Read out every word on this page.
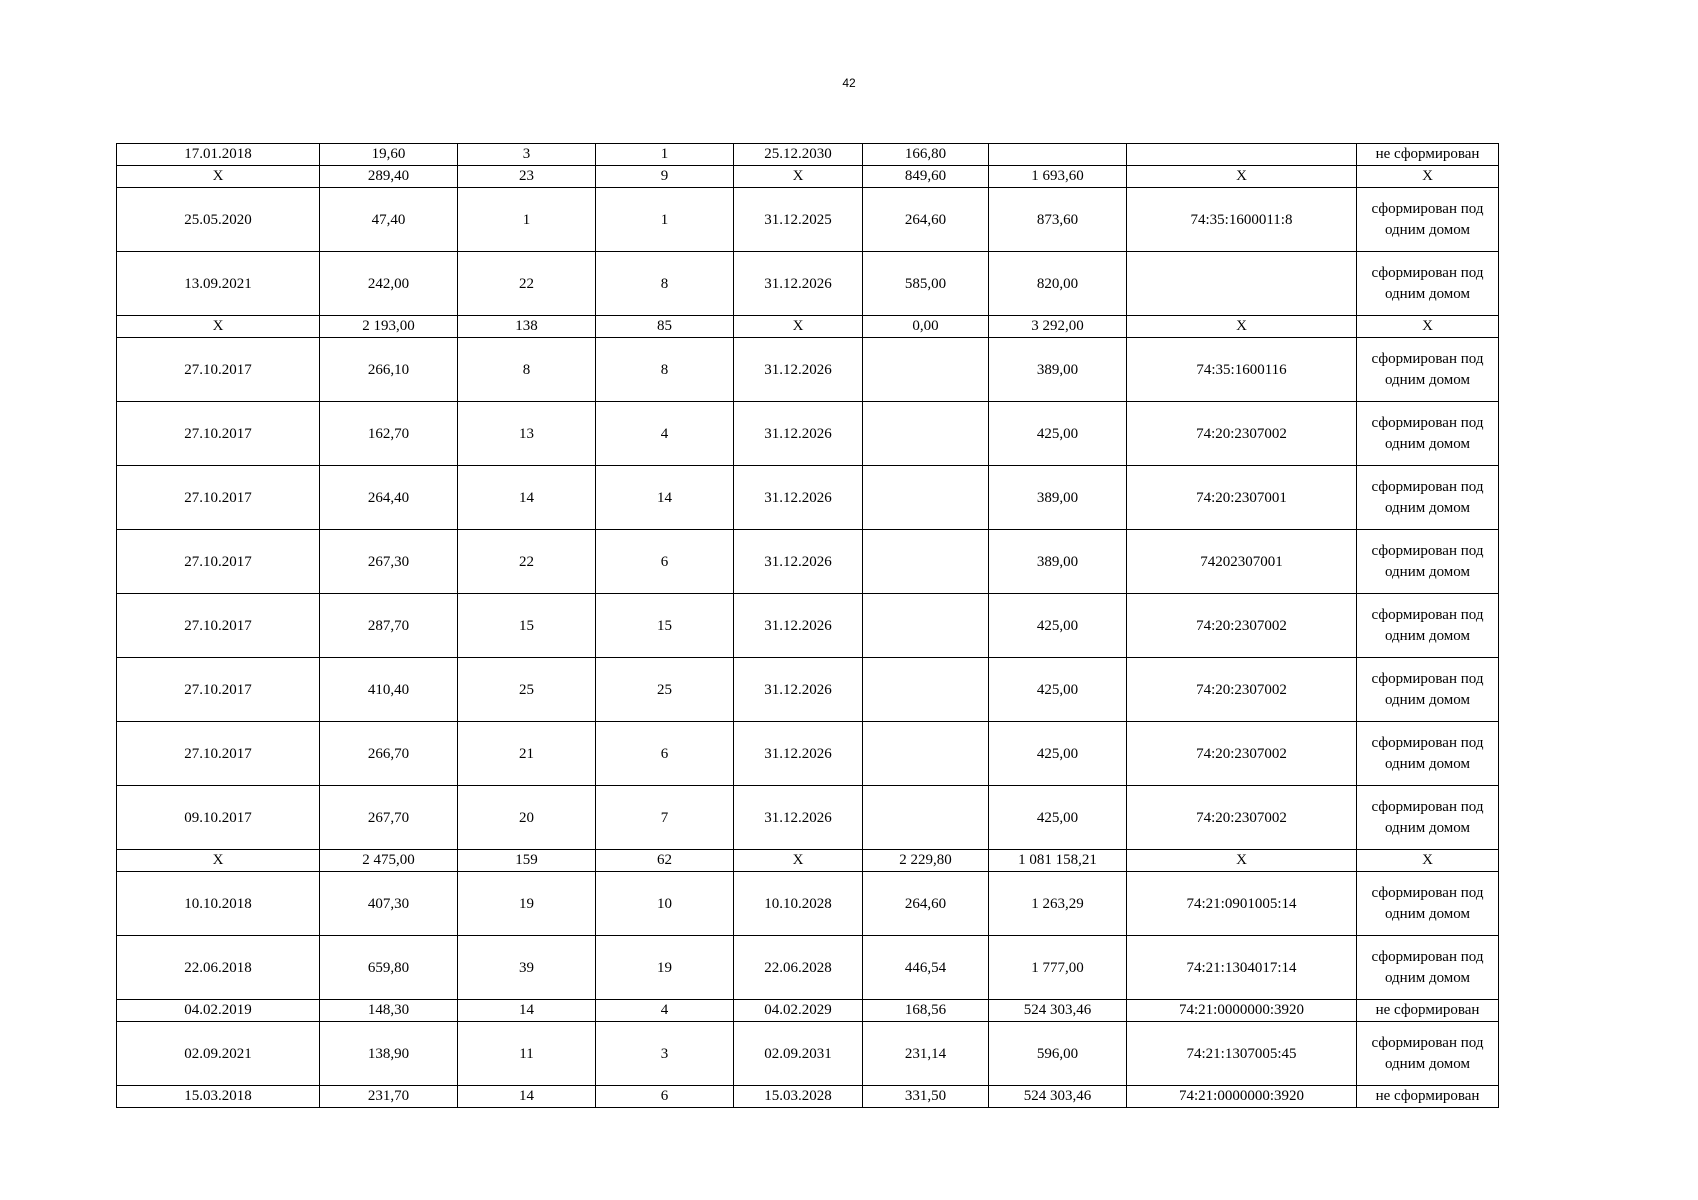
42
17.01.2018	19,60	3	1	25.12.2030	166,80			не сформирован
X	289,40	23	9	X	849,60	1 693,60	X	X
25.05.2020	47,40	1	1	31.12.2025	264,60	873,60	74:35:1600011:8	сформирован под одним домом
13.09.2021	242,00	22	8	31.12.2026	585,00	820,00		сформирован под одним домом
X	2 193,00	138	85	X	0,00	3 292,00	X	X
27.10.2017	266,10	8	8	31.12.2026		389,00	74:35:1600116	сформирован под одним домом
27.10.2017	162,70	13	4	31.12.2026		425,00	74:20:2307002	сформирован под одним домом
27.10.2017	264,40	14	14	31.12.2026		389,00	74:20:2307001	сформирован под одним домом
27.10.2017	267,30	22	6	31.12.2026		389,00	74202307001	сформирован под одним домом
27.10.2017	287,70	15	15	31.12.2026		425,00	74:20:2307002	сформирован под одним домом
27.10.2017	410,40	25	25	31.12.2026		425,00	74:20:2307002	сформирован под одним домом
27.10.2017	266,70	21	6	31.12.2026		425,00	74:20:2307002	сформирован под одним домом
09.10.2017	267,70	20	7	31.12.2026		425,00	74:20:2307002	сформирован под одним домом
X	2 475,00	159	62	X	2 229,80	1 081 158,21	X	X
10.10.2018	407,30	19	10	10.10.2028	264,60	1 263,29	74:21:0901005:14	сформирован под одним домом
22.06.2018	659,80	39	19	22.06.2028	446,54	1 777,00	74:21:1304017:14	сформирован под одним домом
04.02.2019	148,30	14	4	04.02.2029	168,56	524 303,46	74:21:0000000:3920	не сформирован
02.09.2021	138,90	11	3	02.09.2031	231,14	596,00	74:21:1307005:45	сформирован под одним домом
15.03.2018	231,70	14	6	15.03.2028	331,50	524 303,46	74:21:0000000:3920	не сформирован
